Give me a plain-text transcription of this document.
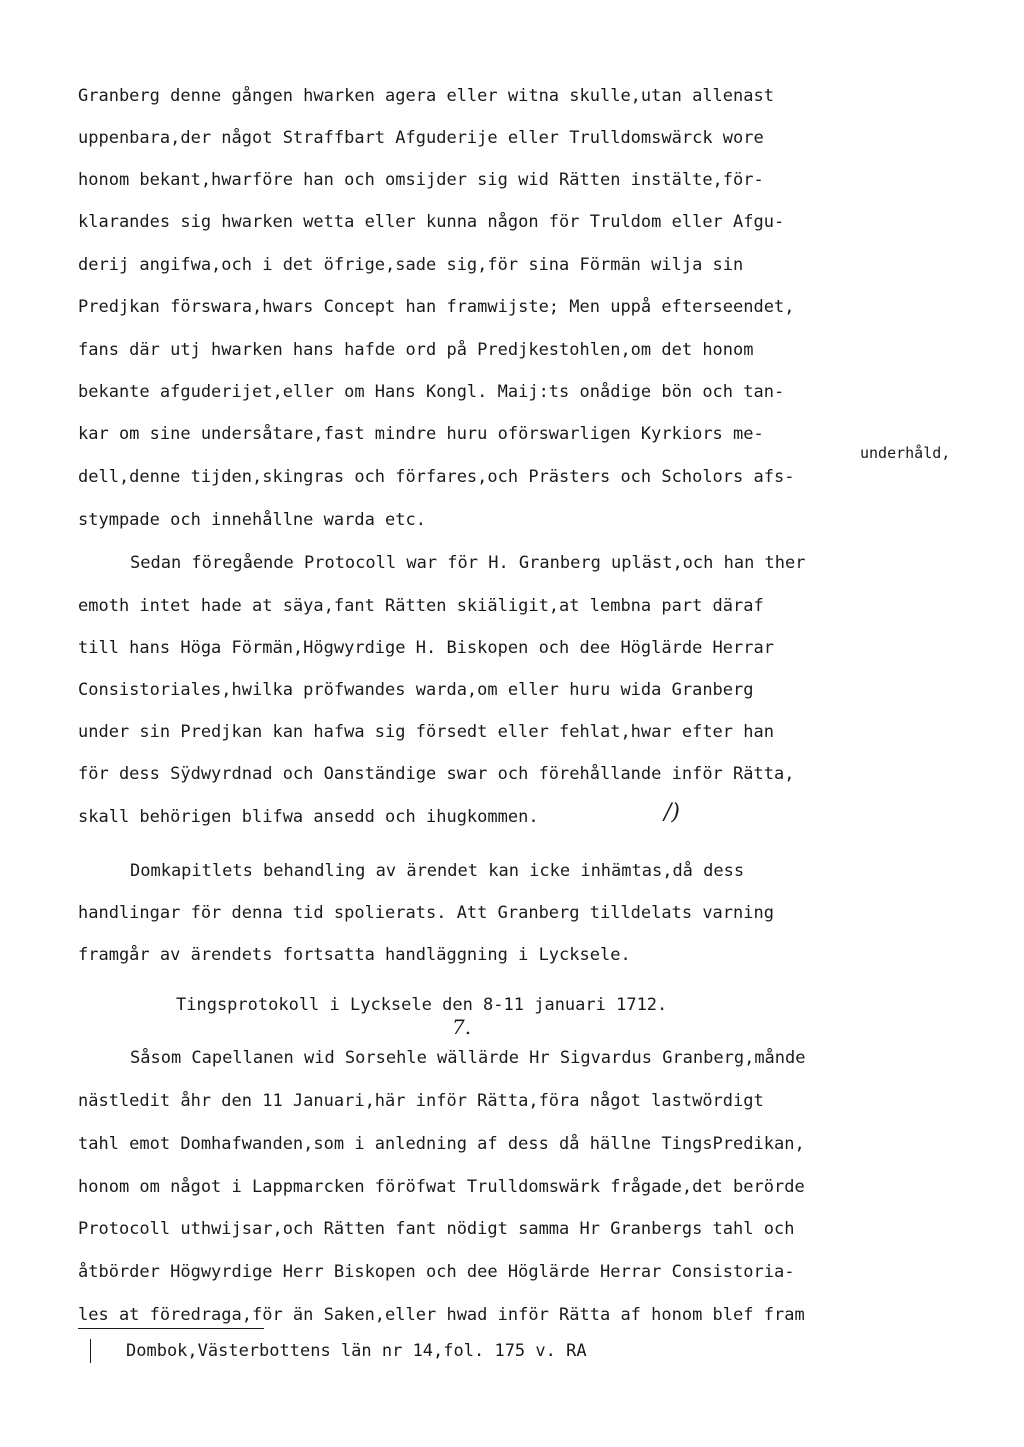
Granberg denne gången hwarken agera eller witna skulle,utan allenast

uppenbara,der något Straffbart Afguderije eller Trulldomswärck wore

honom bekant,hwarföre han och omsijder sig wid Rätten instälte,för-

klarandes sig hwarken wetta eller kunna någon för Truldom eller Afgu-

derij angifwa,och i det öfrige,sade sig,för sina Förmän wilja sin

Predjkan förswara,hwars Concept han framwijste; Men uppå efterseendet,

fans där utj hwarken hans hafde ord på Predjkestohlen,om det honom

bekante afguderijet,eller om Hans Kongl. Maij:ts onådige bön och tan-

kar om sine undersåtare,fast mindre huru oförswarligen Kyrkiors me-

underhåld,

dell,denne tijden,skingras och förfares,och Prästers och Scholors afs-

stympade och innehållne warda etc.

Sedan föregående Protocoll war för H. Granberg upläst,och han ther

emoth intet hade at säya,fant Rätten skiäligit,at lembna part däraf

till hans Höga Förmän,Högwyrdige H. Biskopen och dee Höglärde Herrar

Consistoriales,hwilka pröfwandes warda,om eller huru wida Granberg

under sin Predjkan kan hafwa sig försedt eller fehlat,hwar efter han

för dess Sÿdwyrdnad och Oanständige swar och förehållande inför Rätta,

skall behörigen blifwa ansedd och ihugkommen.	/)

Domkapitlets behandling av ärendet kan icke inhämtas,då dess

handlingar för denna tid spolierats. Att Granberg tilldelats varning

framgår av ärendets fortsatta handläggning i Lycksele.

Tingsprotokoll i Lycksele den 8-11 januari 1712.

7.

Såsom Capellanen wid Sorsehle wällärde Hr Sigvardus Granberg,månde

nästledit åhr den 11 Januari,här inför Rätta,föra något lastwördigt

tahl emot Domhafwanden,som i anledning af dess då hällne TingsPredikan,

honom om något i Lappmarcken föröfwat Trulldomswärk frågade,det berörde

Protocoll uthwijsar,och Rätten fant nödigt samma Hr Granbergs tahl och

åtbörder Högwyrdige Herr Biskopen och dee Höglärde Herrar Consistoria-

les at föredraga,för än Saken,eller hwad inför Rätta af honom blef fram

Dombok,Västerbottens län nr 14,fol. 175 v. RA
